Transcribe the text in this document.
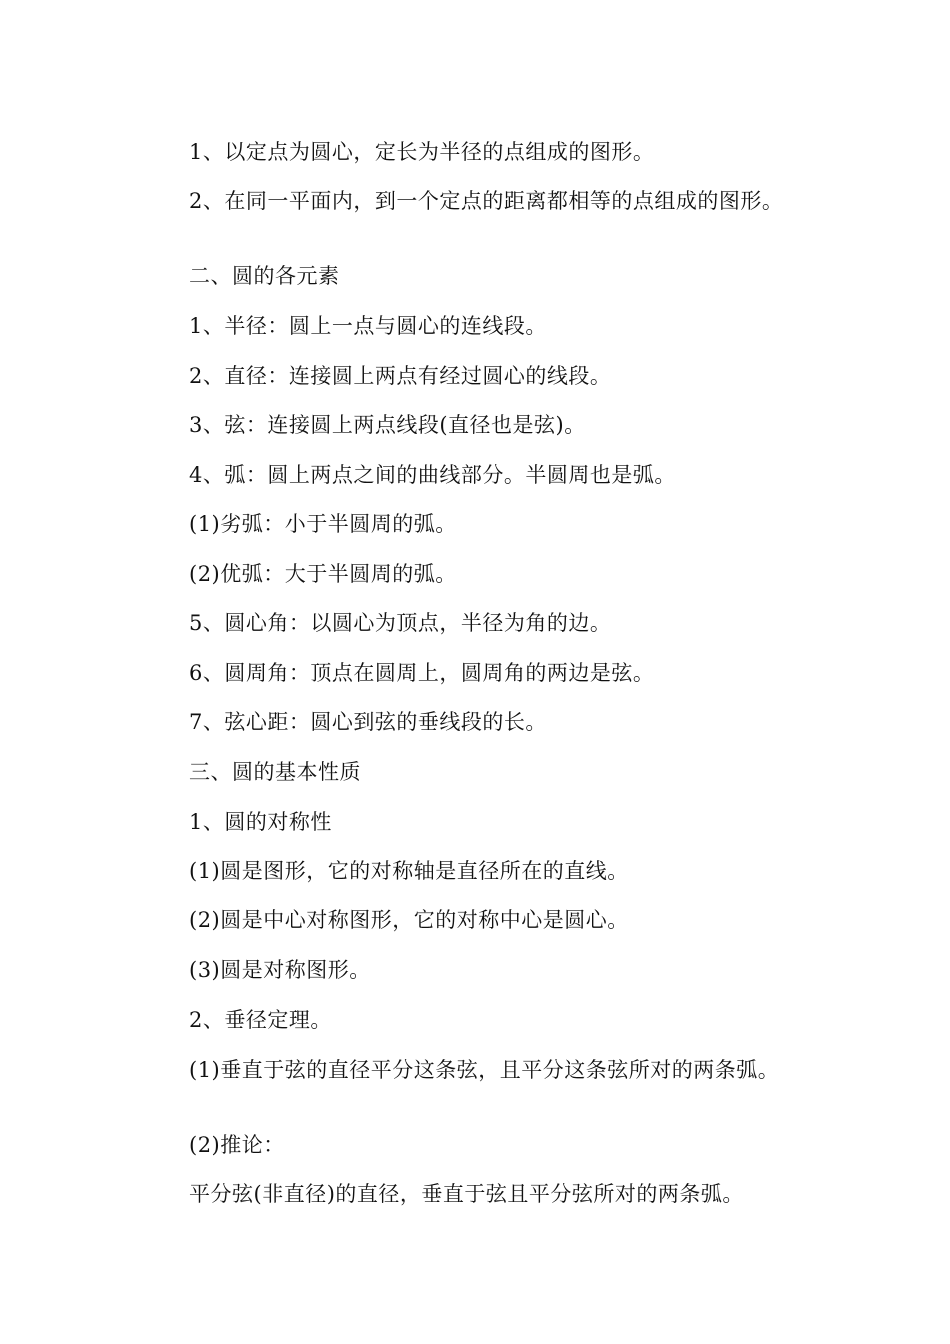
1、以定点为圆心，定长为半径的点组成的图形。
2、在同一平面内，到一个定点的距离都相等的点组成的图形。
二、圆的各元素
1、半径：圆上一点与圆心的连线段。
2、直径：连接圆上两点有经过圆心的线段。
3、弦：连接圆上两点线段(直径也是弦)。
4、弧：圆上两点之间的曲线部分。半圆周也是弧。
(1)劣弧：小于半圆周的弧。
(2)优弧：大于半圆周的弧。
5、圆心角：以圆心为顶点，半径为角的边。
6、圆周角：顶点在圆周上，圆周角的两边是弦。
7、弦心距：圆心到弦的垂线段的长。
三、圆的基本性质
1、圆的对称性
(1)圆是图形，它的对称轴是直径所在的直线。
(2)圆是中心对称图形，它的对称中心是圆心。
(3)圆是对称图形。
2、垂径定理。
(1)垂直于弦的直径平分这条弦，且平分这条弦所对的两条弧。
(2)推论：
平分弦(非直径)的直径，垂直于弦且平分弦所对的两条弧。
